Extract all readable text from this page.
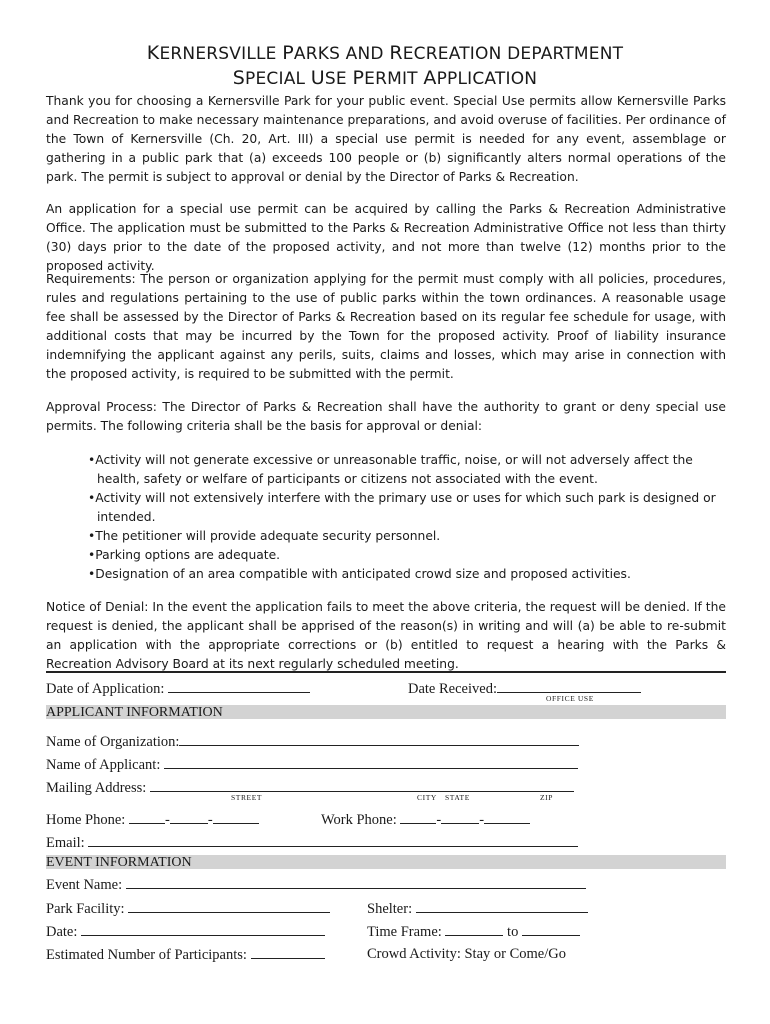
KERNERSVILLE PARKS AND RECREATION DEPARTMENT
SPECIAL USE PERMIT APPLICATION

Thank you for choosing a Kernersville Park for your public event. Special Use permits allow Kernersville Parks and Recreation to make necessary maintenance preparations, and avoid overuse of facilities. Per ordinance of the Town of Kernersville (Ch. 20, Art. III) a special use permit is needed for any event, assemblage or gathering in a public park that (a) exceeds 100 people or (b) significantly alters normal operations of the park. The permit is subject to approval or denial by the Director of Parks & Recreation.

An application for a special use permit can be acquired by calling the Parks & Recreation Administrative Office. The application must be submitted to the Parks & Recreation Administrative Office not less than thirty (30) days prior to the date of the proposed activity, and not more than twelve (12) months prior to the proposed activity.

Requirements: The person or organization applying for the permit must comply with all policies, procedures, rules and regulations pertaining to the use of public parks within the town ordinances. A reasonable usage fee shall be assessed by the Director of Parks & Recreation based on its regular fee schedule for usage, with additional costs that may be incurred by the Town for the proposed activity. Proof of liability insurance indemnifying the applicant against any perils, suits, claims and losses, which may arise in connection with the proposed activity, is required to be submitted with the permit.

Approval Process: The Director of Parks & Recreation shall have the authority to grant or deny special use permits. The following criteria shall be the basis for approval or denial:

•Activity will not generate excessive or unreasonable traffic, noise, or will not adversely affect the health, safety or welfare of participants or citizens not associated with the event.
•Activity will not extensively interfere with the primary use or uses for which such park is designed or intended.
•The petitioner will provide adequate security personnel.
•Parking options are adequate.
•Designation of an area compatible with anticipated crowd size and proposed activities.

Notice of Denial: In the event the application fails to meet the above criteria, the request will be denied. If the request is denied, the applicant shall be apprised of the reason(s) in writing and will (a) be able to re-submit an application with the appropriate corrections or (b) entitled to request a hearing with the Parks & Recreation Advisory Board at its next regularly scheduled meeting.

Date of Application:	Date Received:
OFFICE USE
APPLICANT INFORMATION
Name of Organization:
Name of Applicant:
Mailing Address:
STREET	CITY STATE	ZIP
Home Phone:	-	-	Work Phone:	-	-
Email:
EVENT INFORMATION
Event Name:
Park Facility:	Shelter:
Date:	Time Frame:	to
Estimated Number of Participants:	Crowd Activity: Stay or Come/Go
